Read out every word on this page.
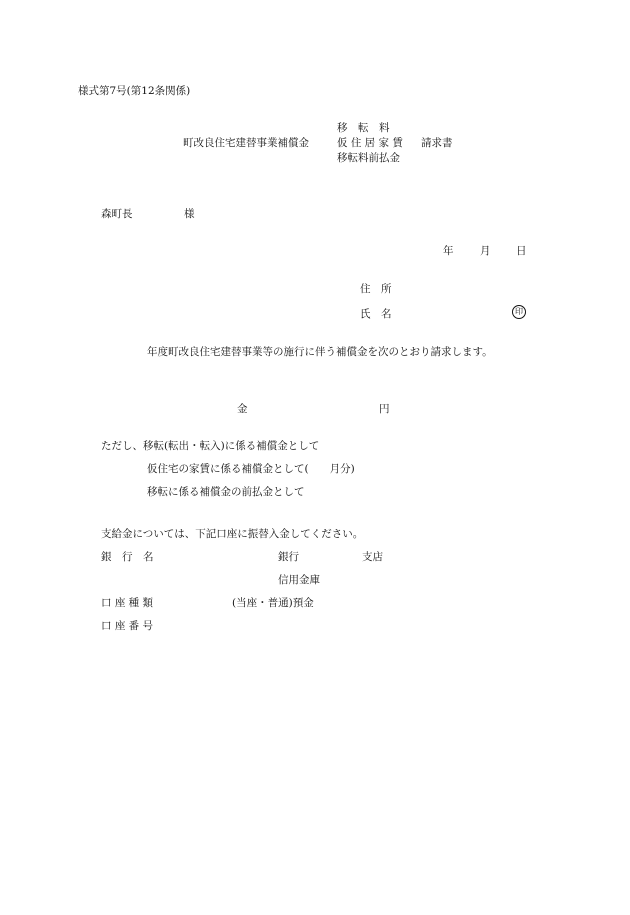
様式第7号(第12条関係)
町改良住宅建替事業補償金
移　転　料
仮 住 居 家 賃
移転料前払金
請求書
森町長	様
年	月 日
住　所
氏　名	印
年度町改良住宅建替事業等の施行に伴う補償金を次のとおり請求します。
金	円
ただし、移転(転出・転入)に係る補償金として
仮住宅の家賃に係る補償金として(　　月分)
移転に係る補償金の前払金として
支給金については、下記口座に振替入金してください。
銀　行　名	銀行	支店
信用金庫
口 座 種 類	(当座・普通)預金
口 座 番 号
